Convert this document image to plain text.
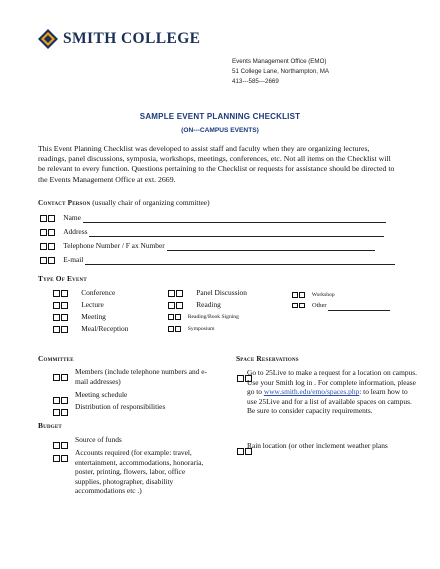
SMITH COLLEGE
Events Management Office (EMO)
51 College Lane, Northampton, MA
413---585---2669
SAMPLE EVENT PLANNING CHECKLIST
(ON---CAMPUS EVENTS)
This Event Planning Checklist was developed to assist staff and faculty when they are organizing lectures, readings, panel discussions, symposia, workshops, meetings, conferences, etc. Not all items on the Checklist will be relevant to every function. Questions pertaining to the Checklist or requests for assistance should be directed to the Events Management Office at ext. 2669.
Contact Person (usually chair of organizing committee)
Name
Address
Telephone Number / F ax Number
E-mail
Type Of Event
Conference
Lecture
Meeting
Meal/Reception
Panel Discussion
Reading
Reading/Book Signing
Symposium
Workshop
Other
Committee
Members (include telephone numbers and e-mail addresses)
Meeting schedule
Distribution of responsibilities
Budget
Source of funds
Accounts required (for example: travel, entertainment, accommodations, honoraria, poster, printing, flowers, labor, office supplies, photographer, disability accommodations etc .)
Space Reservations
Go to 25Live to make a request for a location on campus. Use your Smith log in . For complete information, please go to www.smith.edu/emo/spaces.php: to learn how to use 25Live and for a list of available spaces on campus. Be sure to consider capacity requirements.
Rain location (or other inclement weather plans
